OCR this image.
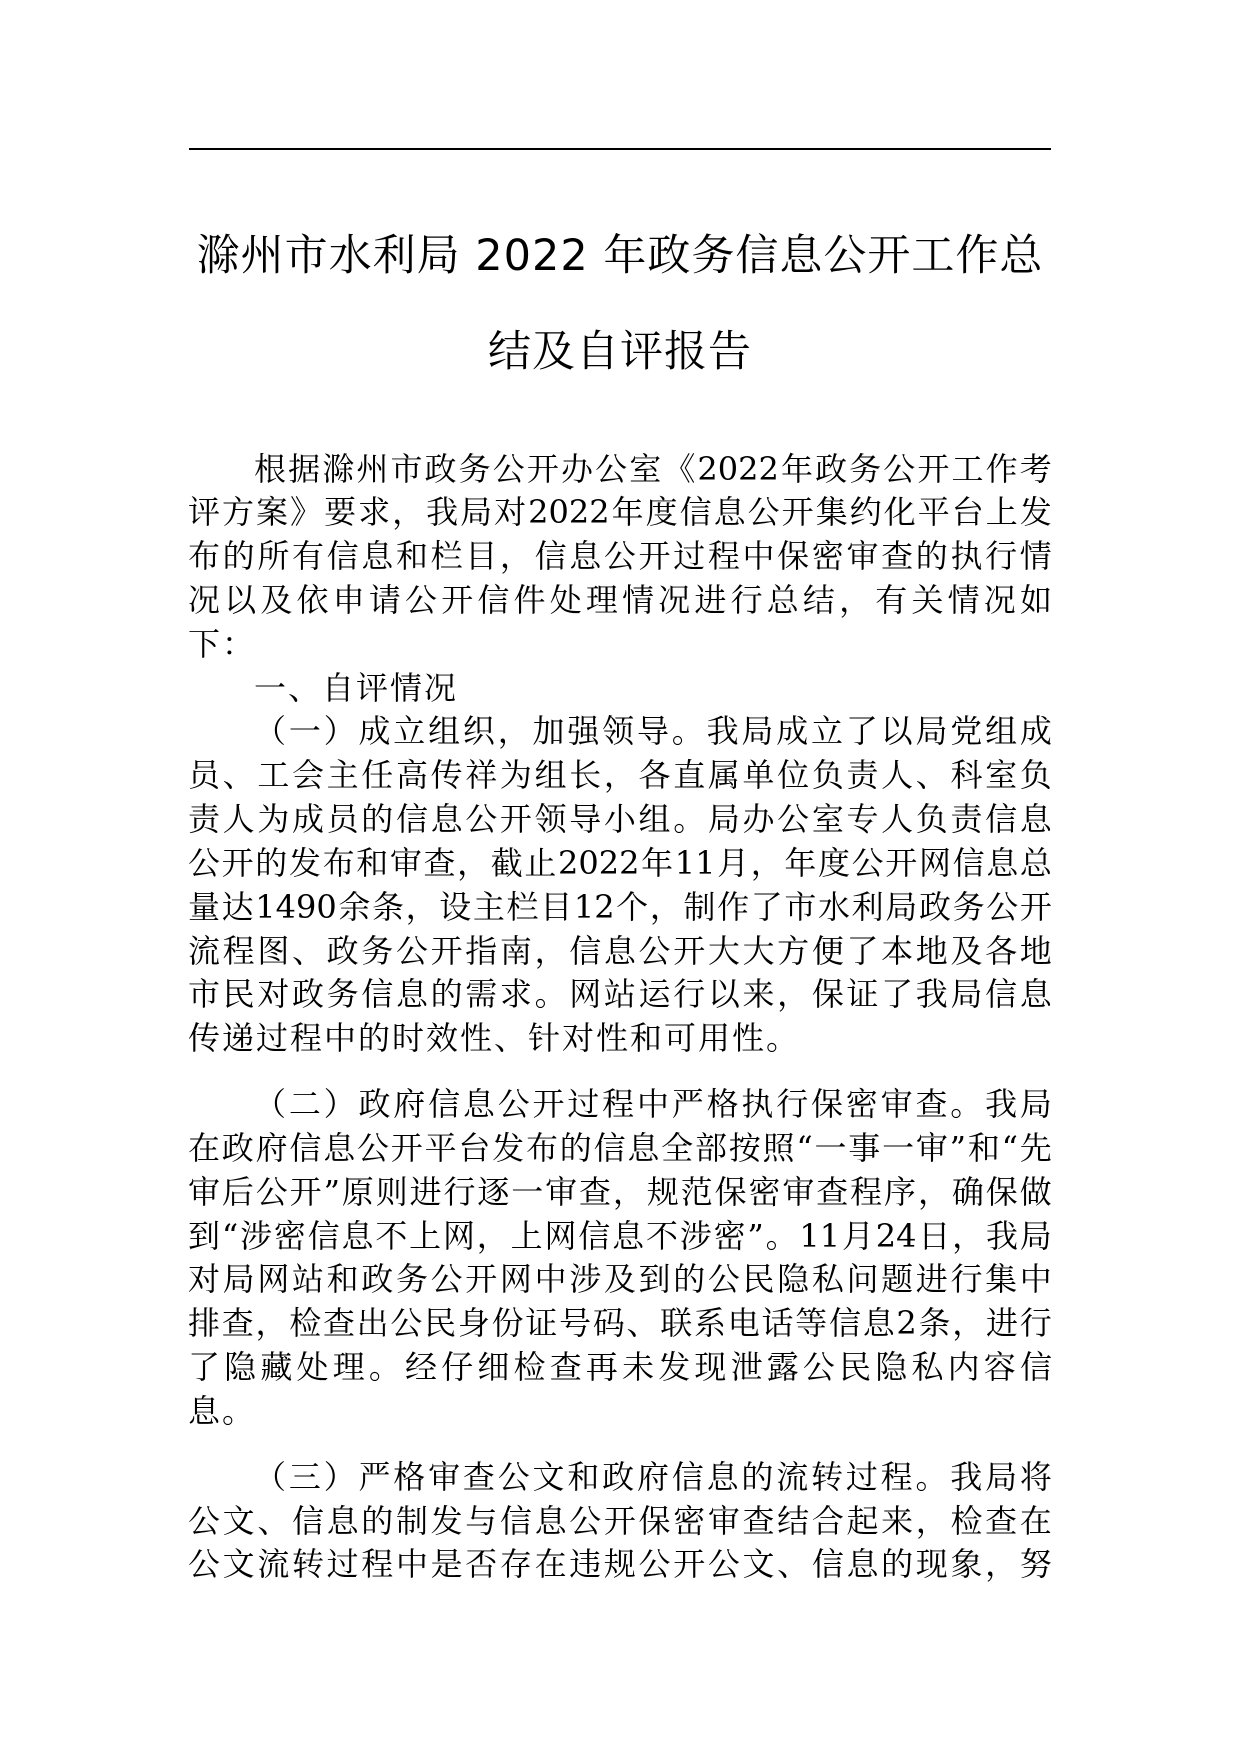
滁州市水利局 2022 年政务信息公开工作总
结及自评报告
根 据 滁 州 市 政 务 公 开 办 公 室 《 2022 年 政 务 公 开 工 作 考
评 方 案 》 要 求 ， 我 局 对 2022 年 度 信 息 公 开 集 约 化 平 台 上 发
布 的 所 有 信 息 和 栏 目 ， 信 息 公 开 过 程 中 保 密 审 查 的 执 行 情
况 以 及 依 申 请 公 开 信 件 处 理 情 况 进 行 总 结 ， 有 关 情 况 如
下：
一、自评情况
（ 一 ） 成 立 组 织 ， 加 强 领 导 。 我 局 成 立 了 以 局 党 组 成
员 、 工 会 主 任 高 传 祥 为 组 长 ， 各 直 属 单 位 负 责 人 、 科 室 负
责 人 为 成 员 的 信 息 公 开 领 导 小 组 。 局 办 公 室 专 人 负 责 信 息
公 开 的 发 布 和 审 查 ， 截 止 2022 年 11 月 ， 年 度 公 开 网 信 息 总
量 达 1490 余 条 ， 设 主 栏 目 12 个 ， 制 作 了 市 水 利 局 政 务 公 开
流 程 图 、 政 务 公 开 指 南 ， 信 息 公 开 大 大 方 便 了 本 地 及 各 地
市 民 对 政 务 信 息 的 需 求 。 网 站 运 行 以 来 ， 保 证 了 我 局 信 息
传递过程中的时效性、针对性和可用性。
（ 二 ） 政 府 信 息 公 开 过 程 中 严 格 执 行 保 密 审 查 。 我 局
在 政 府 信 息 公 开 平 台 发 布 的 信 息 全 部 按 照 “ 一 事 一 审 ” 和 “ 先
审 后 公 开 ” 原 则 进 行 逐 一 审 查 ， 规 范 保 密 审 查 程 序 ， 确 保 做
到 “ 涉 密 信 息 不 上 网 ， 上 网 信 息 不 涉 密 ” 。 11 月 24 日 ， 我 局
对 局 网 站 和 政 务 公 开 网 中 涉 及 到 的 公 民 隐 私 问 题 进 行 集 中
排 查 ， 检 查 出 公 民 身 份 证 号 码 、 联 系 电 话 等 信 息 2 条 ， 进 行
了 隐 藏 处 理 。 经 仔 细 检 查 再 未 发 现 泄 露 公 民 隐 私 内 容 信
息。
（ 三 ） 严 格 审 查 公 文 和 政 府 信 息 的 流 转 过 程 。 我 局 将
公 文 、 信 息 的 制 发 与 信 息 公 开 保 密 审 查 结 合 起 来 ， 检 查 在
公 文 流 转 过 程 中 是 否 存 在 违 规 公 开 公 文 、 信 息 的 现 象 ， 努
